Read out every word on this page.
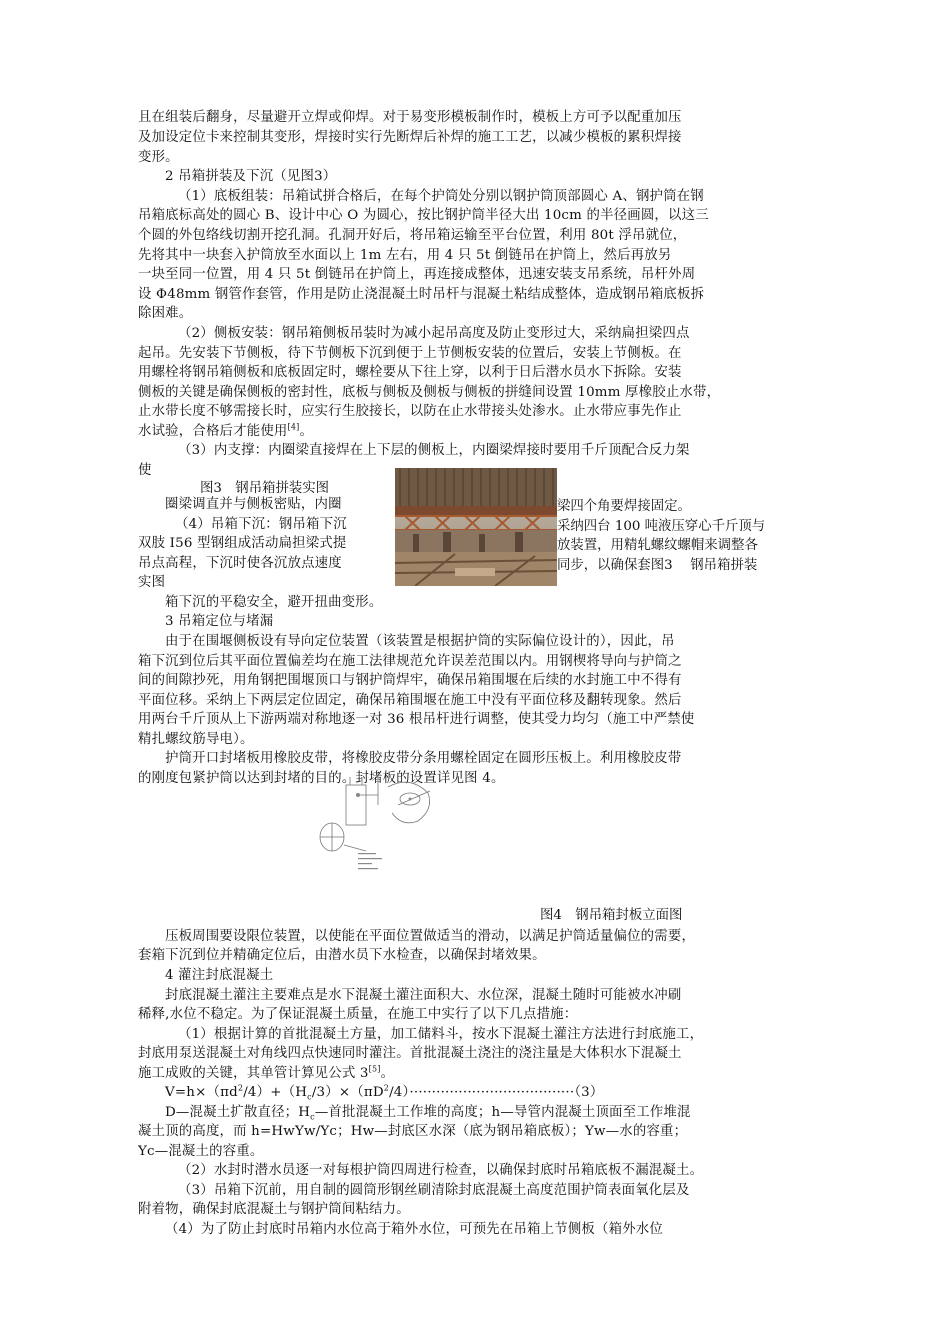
且在组装后翻身，尽量避开立焊或仰焊。对于易变形模板制作时，模板上方可予以配重加压
及加设定位卡来控制其变形，焊接时实行先断焊后补焊的施工工艺，以减少模板的累积焊接
变形。
2 吊箱拼装及下沉（见图3）
（1）底板组装：吊箱试拼合格后，在每个护筒处分别以钢护筒顶部圆心 A、钢护筒在钢
吊箱底标高处的圆心 B、设计中心 O 为圆心，按比钢护筒半径大出 10cm 的半径画圆，以这三
个圆的外包络线切割开挖孔洞。孔洞开好后，将吊箱运输至平台位置，利用 80t 浮吊就位，
先将其中一块套入护筒放至水面以上 1m 左右，用 4 只 5t 倒链吊在护筒上，然后再放另
一块至同一位置，用 4 只 5t 倒链吊在护筒上，再连接成整体，迅速安装支吊系统，吊杆外周
设 Φ48mm 钢管作套管，作用是防止浇混凝土时吊杆与混凝土粘结成整体，造成钢吊箱底板拆
除困难。
（2）侧板安装：钢吊箱侧板吊装时为减小起吊高度及防止变形过大，采纳扁担梁四点
起吊。先安装下节侧板，待下节侧板下沉到便于上节侧板安装的位置后，安装上节侧板。在
用螺栓将钢吊箱侧板和底板固定时，螺栓要从下往上穿，以利于日后潜水员水下拆除。安装
侧板的关键是确保侧板的密封性，底板与侧板及侧板与侧板的拼缝间设置 10mm 厚橡胶止水带，
止水带长度不够需接长时，应实行生胶接长，以防在止水带接头处渗水。止水带应事先作止
水试验，合格后才能使用[4]。
（3）内支撑：内圈梁直接焊在上下层的侧板上，内圈梁焊接时要用千斤顶配合反力架
使
图3　钢吊箱拼装实图
圈梁调直并与侧板密贴，内圈	梁四个角要焊接固定。
（4）吊箱下沉：钢吊箱下沉	采纳四台 100 吨液压穿心千斤顶与
双肢 I56 型钢组成活动扁担梁式提	放装置，用精轧螺纹螺帽来调整各
吊点高程，下沉时使各沉放点速度	同步，以确保套图3　 钢吊箱拼装
实图
箱下沉的平稳安全，避开扭曲变形。
3 吊箱定位与堵漏
由于在围堰侧板设有导向定位装置（该装置是根据护筒的实际偏位设计的），因此，吊
箱下沉到位后其平面位置偏差均在施工法律规范允许误差范围以内。用钢楔将导向与护筒之
间的间隙抄死，用角钢把围堰顶口与钢护筒焊牢，确保吊箱围堰在后续的水封施工中不得有
平面位移。采纳上下两层定位固定，确保吊箱围堰在施工中没有平面位移及翻转现象。然后
用两台千斤顶从上下游两端对称地逐一对 36 根吊杆进行调整，使其受力均匀（施工中严禁使
精扎螺纹筋导电）。
护筒开口封堵板用橡胶皮带，将橡胶皮带分条用螺栓固定在圆形压板上。利用橡胶皮带
的刚度包紧护筒以达到封堵的目的。封堵板的设置详见图 4。
图4　钢吊箱封板立面图
压板周围要设限位装置，以使能在平面位置做适当的滑动，以满足护筒适量偏位的需要，
套箱下沉到位并精确定位后，由潜水员下水检查，以确保封堵效果。
4 灌注封底混凝土
封底混凝土灌注主要难点是水下混凝土灌注面积大、水位深，混凝土随时可能被水冲刷
稀释,水位不稳定。为了保证混凝土质量，在施工中实行了以下几点措施：
（1）根据计算的首批混凝土方量，加工储料斗，按水下混凝土灌注方法进行封底施工，
封底用泵送混凝土对角线四点快速同时灌注。首批混凝土浇注的浇注量是大体积水下混凝土
施工成败的关键，其单管计算见公式 3[5]。
$V=h\times(\pi d^2/4)+(H_c/3)\times(\pi D^2/4)\cdot\cdot\cdot\cdot\cdot\cdot\cdot\cdot\cdot\cdot\cdot\cdot\cdot\cdot\cdot\cdot\cdot\cdot\cdot\cdot\cdot\cdot\cdot\cdot\cdot\cdot\cdot\cdot\cdot\cdot\cdot\cdot\cdot\cdot\cdot\cdot\cdot(3)$
D—混凝土扩散直径；$H_c—$首批混凝土工作堆的高度；h—导管内混凝土顶面至工作堆混
凝土顶的高度，而 h=HwΥw/Υc；Hw—封底区水深（底为钢吊箱底板）；Υw—水的容重；
Υc—混凝土的容重。
（2）水封时潜水员逐一对每根护筒四周进行检查，以确保封底时吊箱底板不漏混凝土。
（3）吊箱下沉前，用自制的圆筒形钢丝刷清除封底混凝土高度范围护筒表面氧化层及
附着物，确保封底混凝土与钢护筒间粘结力。
（4）为了防止封底时吊箱内水位高于箱外水位，可预先在吊箱上节侧板（箱外水位
